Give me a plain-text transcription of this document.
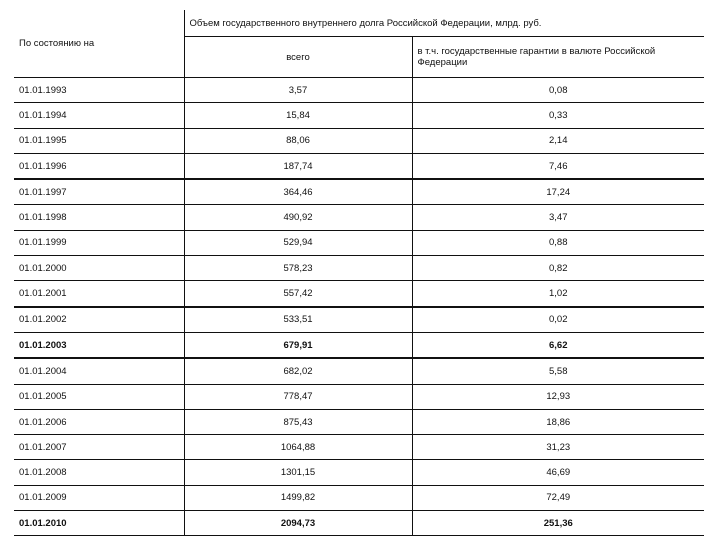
По состоянию на	Объем государственного внутреннего долга Российской Федерации, млрд. руб.	
	всего	в т.ч. государственные гарантии в валюте Российской Федерации
01.01.1993	3,57	0,08
01.01.1994	15,84	0,33
01.01.1995	88,06	2,14
01.01.1996	187,74	7,46
01.01.1997	364,46	17,24
01.01.1998	490,92	3,47
01.01.1999	529,94	0,88
01.01.2000	578,23	0,82
01.01.2001	557,42	1,02
01.01.2002	533,51	0,02
01.01.2003	679,91	6,62
01.01.2004	682,02	5,58
01.01.2005	778,47	12,93
01.01.2006	875,43	18,86
01.01.2007	1064,88	31,23
01.01.2008	1301,15	46,69
01.01.2009	1499,82	72,49
01.01.2010	2094,73	251,36
